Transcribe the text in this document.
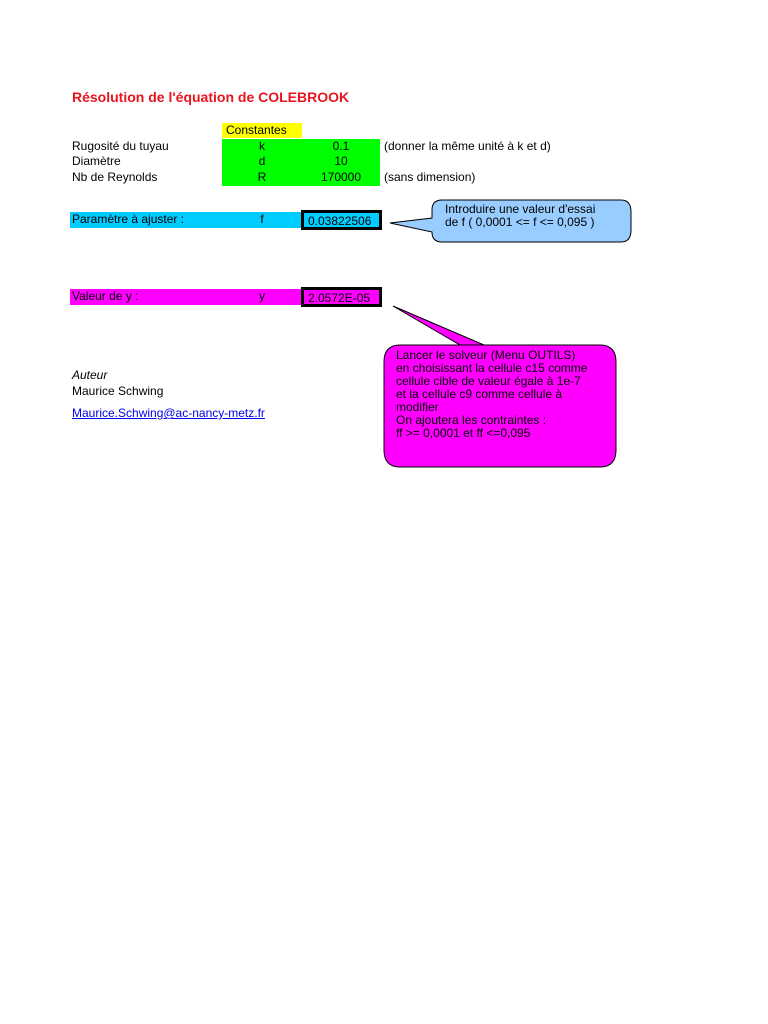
Résolution de l'équation de COLEBROOK
Constantes
Rugosité du tuyau	k	0.1	(donner la même unité à k et d)
Diamètre	d	10
Nb de Reynolds	R	170000	(sans dimension)
Paramètre à ajuster :	f	0.03822506
Valeur de y :	y	2.0572E-05
Introduire une valeur d'essai
de f ( 0,0001 <= f <= 0,095 )
Lancer le solveur (Menu OUTILS)
en choisissant la cellule c15 comme
cellule cible de valeur égale à 1e-7
et la cellule c9 comme cellule à
modifier
On ajoutera les contraintes :
ff >= 0,0001 et ff <=0,095
Auteur
Maurice Schwing
Maurice.Schwing@ac-nancy-metz.fr
